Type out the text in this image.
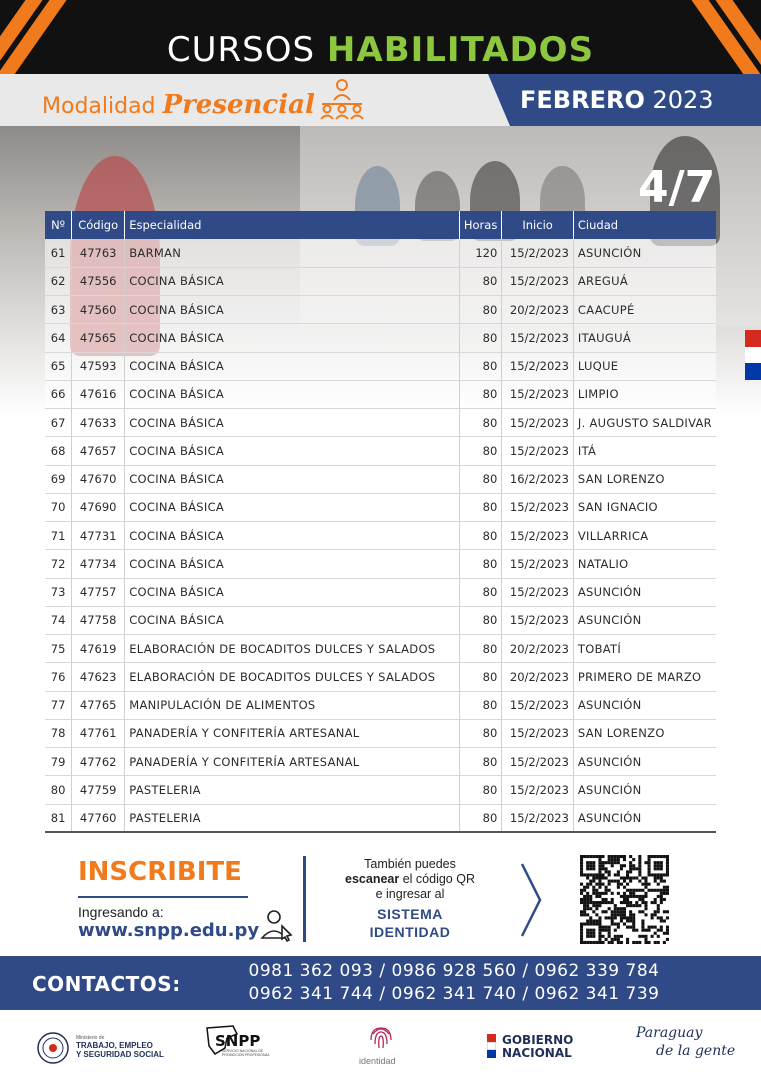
CURSOS HABILITADOS
Modalidad Presencial	FEBRERO 2023
4/7
Nº	Código	Especialidad	Horas	Inicio	Ciudad
61	47763	BARMAN	120	15/2/2023	ASUNCIÓN
62	47556	COCINA BÁSICA	80	15/2/2023	AREGUÁ
63	47560	COCINA BÁSICA	80	20/2/2023	CAACUPÉ
64	47565	COCINA BÁSICA	80	15/2/2023	ITAUGUÁ
65	47593	COCINA BÁSICA	80	15/2/2023	LUQUE
66	47616	COCINA BÁSICA	80	15/2/2023	LIMPIO
67	47633	COCINA BÁSICA	80	15/2/2023	J. AUGUSTO SALDIVAR
68	47657	COCINA BÁSICA	80	15/2/2023	ITÁ
69	47670	COCINA BÁSICA	80	16/2/2023	SAN LORENZO
70	47690	COCINA BÁSICA	80	15/2/2023	SAN IGNACIO
71	47731	COCINA BÁSICA	80	15/2/2023	VILLARRICA
72	47734	COCINA BÁSICA	80	15/2/2023	NATALIO
73	47757	COCINA BÁSICA	80	15/2/2023	ASUNCIÓN
74	47758	COCINA BÁSICA	80	15/2/2023	ASUNCIÓN
75	47619	ELABORACIÓN DE BOCADITOS DULCES Y SALADOS	80	20/2/2023	TOBATÍ
76	47623	ELABORACIÓN DE BOCADITOS DULCES Y SALADOS	80	20/2/2023	PRIMERO DE MARZO
77	47765	MANIPULACIÓN DE ALIMENTOS	80	15/2/2023	ASUNCIÓN
78	47761	PANADERÍA Y CONFITERÍA ARTESANAL	80	15/2/2023	SAN LORENZO
79	47762	PANADERÍA Y CONFITERÍA ARTESANAL	80	15/2/2023	ASUNCIÓN
80	47759	PASTELERIA	80	15/2/2023	ASUNCIÓN
81	47760	PASTELERIA	80	15/2/2023	ASUNCIÓN
INSCRIBITE
Ingresando a:
www.snpp.edu.py
También puedes
escanear el código QR
e ingresar al
SISTEMA
IDENTIDAD
CONTACTOS:
0981 362 093 / 0986 928 560 / 0962 339 784
0962 341 744 / 0962 341 740 / 0962 341 739
Ministerio de
TRABAJO, EMPLEO
Y SEGURIDAD SOCIAL
SNPP
SERVICIO NACIONAL DE PROMOCIÓN PROFESIONAL
identidad
GOBIERNO
NACIONAL
Paraguay
de la gente
